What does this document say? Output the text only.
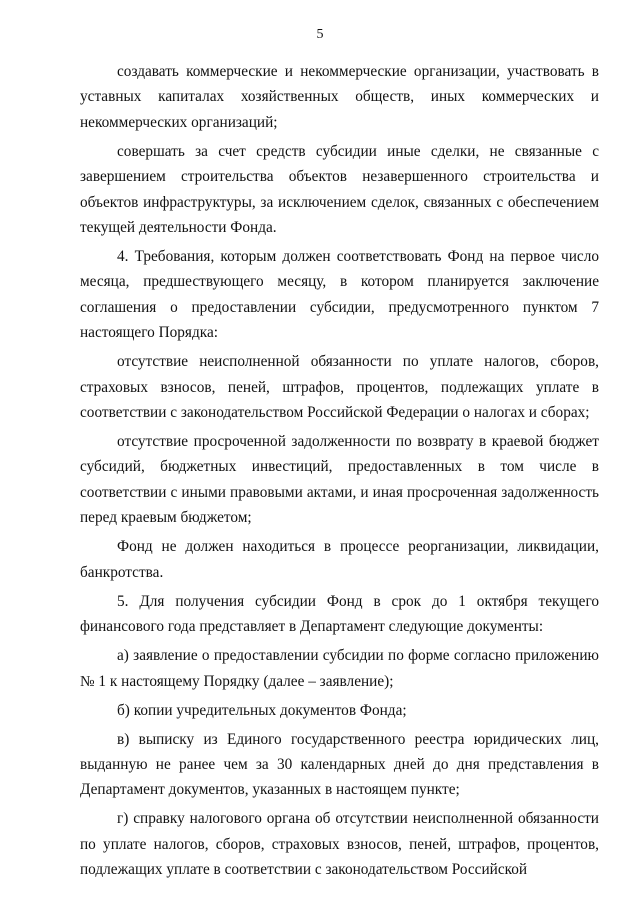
5

создавать коммерческие и некоммерческие организации, участвовать в уставных капиталах хозяйственных обществ, иных коммерческих и некоммерческих организаций;

совершать за счет средств субсидии иные сделки, не связанные с завершением строительства объектов незавершенного строительства и объектов инфраструктуры, за исключением сделок, связанных с обеспечением текущей деятельности Фонда.

4. Требования, которым должен соответствовать Фонд на первое число месяца, предшествующего месяцу, в котором планируется заключение соглашения о предоставлении субсидии, предусмотренного пунктом 7 настоящего Порядка:

отсутствие неисполненной обязанности по уплате налогов, сборов, страховых взносов, пеней, штрафов, процентов, подлежащих уплате в соответствии с законодательством Российской Федерации о налогах и сборах;

отсутствие просроченной задолженности по возврату в краевой бюджет субсидий, бюджетных инвестиций, предоставленных в том числе в соответствии с иными правовыми актами, и иная просроченная задолженность перед краевым бюджетом;

Фонд не должен находиться в процессе реорганизации, ликвидации, банкротства.

5. Для получения субсидии Фонд в срок до 1 октября текущего финансового года представляет в Департамент следующие документы:

а) заявление о предоставлении субсидии по форме согласно приложению № 1 к настоящему Порядку (далее – заявление);

б) копии учредительных документов Фонда;

в) выписку из Единого государственного реестра юридических лиц, выданную не ранее чем за 30 календарных дней до дня представления в Департамент документов, указанных в настоящем пункте;

г) справку налогового органа об отсутствии неисполненной обязанности по уплате налогов, сборов, страховых взносов, пеней, штрафов, процентов, подлежащих уплате в соответствии с законодательством Российской
